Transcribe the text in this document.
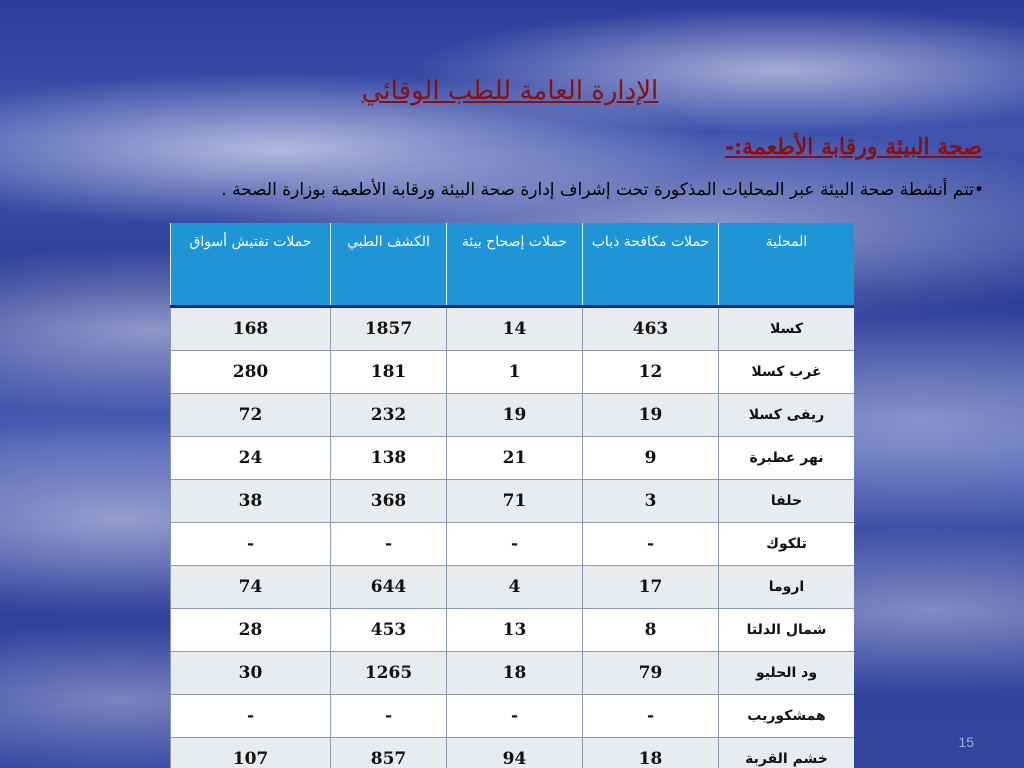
الإدارة العامة للطب الوقائي
صحة البيئة ورقابة الأطعمة:-
•تتم أنشطة صحة البيئة عبر المحليات المذكورة تحت إشراف إدارة صحة البيئة ورقابة الأطعمة بوزارة الصحة .
المحلية	حملات مكافحة ذباب	حملات إصحاح بيئة	الكشف الطبي	حملات تفتيش أسواق
كسلا	463	14	1857	168
غرب كسلا	12	1	181	280
ريفى كسلا	19	19	232	72
نهر عطبرة	9	21	138	24
حلفا	3	71	368	38
تلكوك	-	-	-	-
اروما	17	4	644	74
شمال الدلتا	8	13	453	28
ود الحليو	79	18	1265	30
همشكوريب	-	-	-	-
خشم القربة	18	94	857	107
15
